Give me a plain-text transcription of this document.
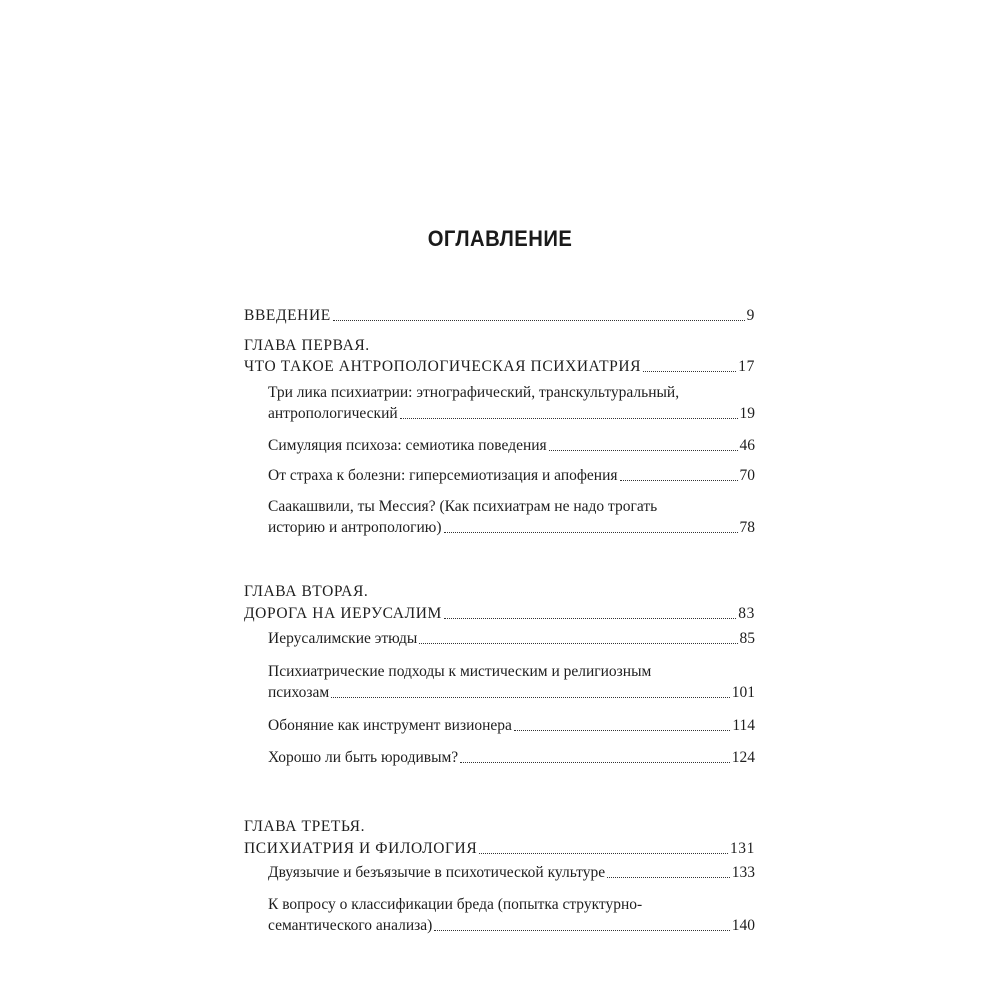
ОГЛАВЛЕНИЕ
ВВЕДЕНИЕ	9
ГЛАВА ПЕРВАЯ.
ЧТО ТАКОЕ АНТРОПОЛОГИЧЕСКАЯ ПСИХИАТРИЯ	17
Три лика психиатрии: этнографический, транскультуральный,
антропологический	19
Симуляция психоза: семиотика поведения	46
От страха к болезни: гиперсемиотизация и апофения	70
Саакашвили, ты Мессия? (Как психиатрам не надо трогать
историю и антропологию)	78
ГЛАВА ВТОРАЯ.
ДОРОГА НА ИЕРУСАЛИМ	83
Иерусалимские этюды	85
Психиатрические подходы к мистическим и религиозным
психозам	101
Обоняние как инструмент визионера	114
Хорошо ли быть юродивым?	124
ГЛАВА ТРЕТЬЯ.
ПСИХИАТРИЯ И ФИЛОЛОГИЯ	131
Двуязычие и безъязычие в психотической культуре	133
К вопросу о классификации бреда (попытка структурно-
семантического анализа)	140
